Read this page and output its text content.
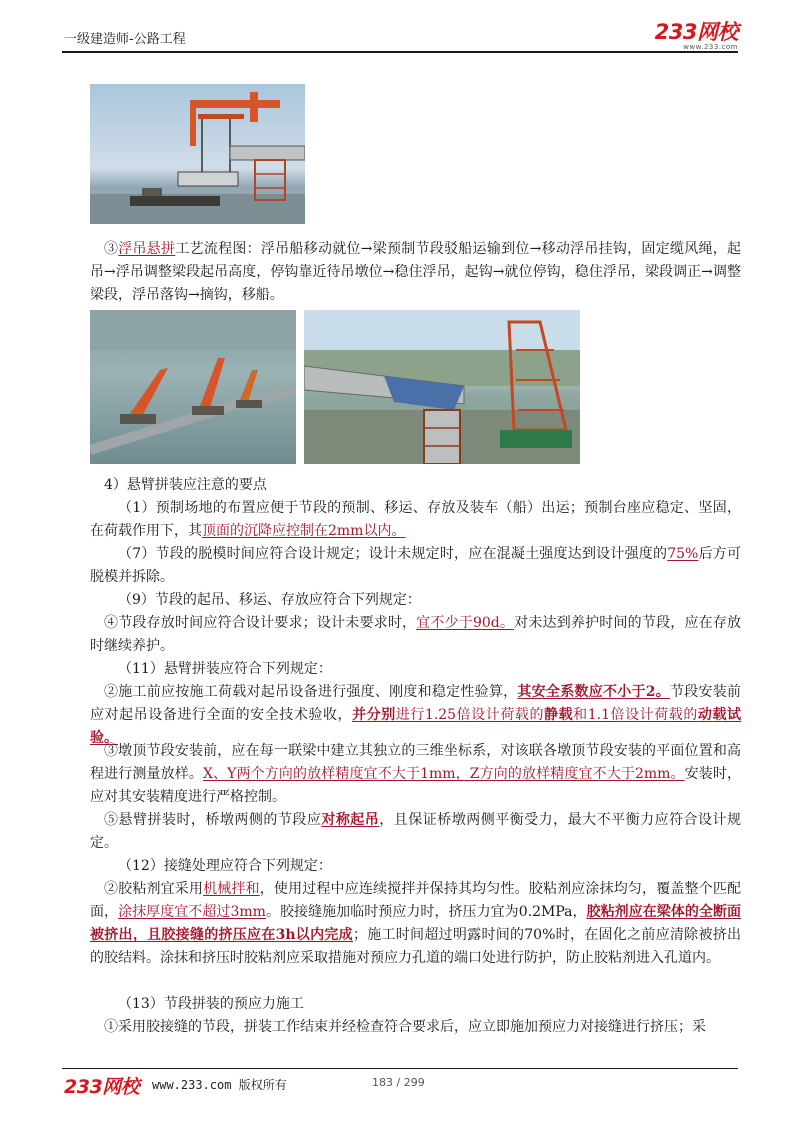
一级建造师-公路工程	233网校
www.233.com
③浮吊悬拼工艺流程图：浮吊船移动就位→梁预制节段驳船运输到位→移动浮吊挂钩，固定缆风绳，起吊→浮吊调整梁段起吊高度，停钩靠近待吊墩位→稳住浮吊，起钩→就位停钩，稳住浮吊，梁段调正→调整梁段，浮吊落钩→摘钩，移船。
4）悬臂拼装应注意的要点
（1）预制场地的布置应便于节段的预制、移运、存放及装车（船）出运；预制台座应稳定、坚固，在荷载作用下，其顶面的沉降应控制在2mm以内。
（7）节段的脱模时间应符合设计规定；设计未规定时，应在混凝土强度达到设计强度的75%后方可脱模并拆除。
（9）节段的起吊、移运、存放应符合下列规定：
④节段存放时间应符合设计要求；设计未要求时，宜不少于90d。对未达到养护时间的节段，应在存放时继续养护。
（11）悬臂拼装应符合下列规定：
②施工前应按施工荷载对起吊设备进行强度、刚度和稳定性验算，其安全系数应不小于2。节段安装前应对起吊设备进行全面的安全技术验收，并分别进行1.25倍设计荷载的静载和1.1倍设计荷载的动载试验。
③墩顶节段安装前，应在每一联梁中建立其独立的三维坐标系，对该联各墩顶节段安装的平面位置和高程进行测量放样。X、Y两个方向的放样精度宜不大于1mm，Z方向的放样精度宜不大于2mm。安装时，应对其安装精度进行严格控制。
⑤悬臂拼装时，桥墩两侧的节段应对称起吊，且保证桥墩两侧平衡受力，最大不平衡力应符合设计规定。
（12）接缝处理应符合下列规定：
②胶粘剂宜采用机械拌和，使用过程中应连续搅拌并保持其均匀性。胶粘剂应涂抹均匀，覆盖整个匹配面，涂抹厚度宜不超过3mm。胶接缝施加临时预应力时，挤压力宜为0.2MPa，胶粘剂应在梁体的全断面被挤出，且胶接缝的挤压应在3h以内完成；施工时间超过明露时间的70%时，在固化之前应清除被挤出的胶结料。涂抹和挤压时胶粘剂应采取措施对预应力孔道的端口处进行防护，防止胶粘剂进入孔道内。
（13）节段拼装的预应力施工
①采用胶接缝的节段，拼装工作结束并经检查符合要求后，应立即施加预应力对接缝进行挤压；采
233网校 www.233.com 版权所有	183 / 299
